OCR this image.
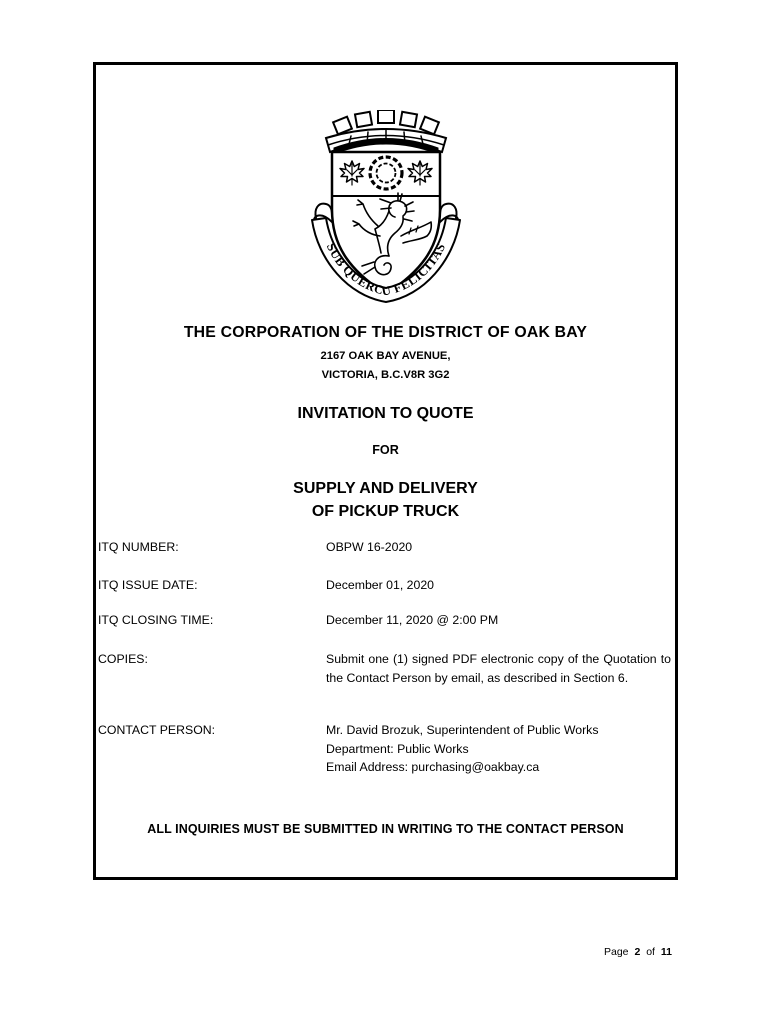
SUB QUERCU FELICITAS
THE CORPORATION OF THE DISTRICT OF OAK BAY
2167 OAK BAY AVENUE,
VICTORIA, B.C.V8R 3G2
INVITATION TO QUOTE
FOR
SUPPLY AND DELIVERY
OF PICKUP TRUCK
ITQ NUMBER:	OBPW 16-2020
ITQ ISSUE DATE:	December 01, 2020
ITQ CLOSING TIME:	December 11, 2020 @ 2:00 PM
COPIES:	Submit one (1) signed PDF electronic copy of the Quotation to the Contact Person by email, as described in Section 6.
CONTACT PERSON:	Mr. David Brozuk, Superintendent of Public Works
Department: Public Works
Email Address: purchasing@oakbay.ca
ALL INQUIRIES MUST BE SUBMITTED IN WRITING TO THE CONTACT PERSON
Page 2 of 11
